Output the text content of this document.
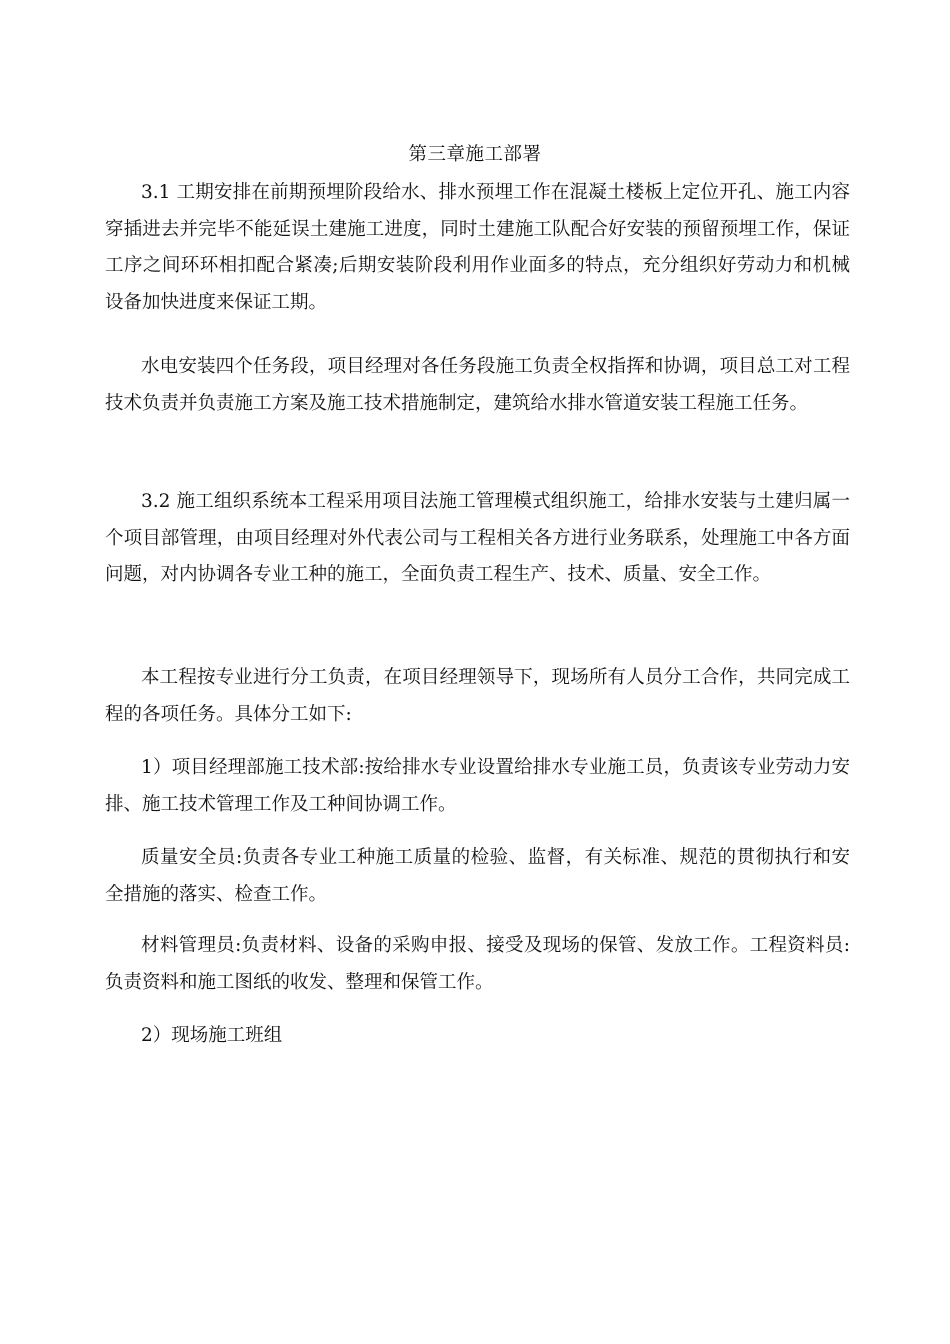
第三章施工部署

3.1 工期安排在前期预埋阶段给水、排水预埋工作在混凝土楼板上定位开孔、施工内容穿插进去并完毕不能延误土建施工进度，同时土建施工队配合好安装的预留预埋工作，保证工序之间环环相扣配合紧凑;后期安装阶段利用作业面多的特点，充分组织好劳动力和机械设备加快进度来保证工期。

水电安装四个任务段，项目经理对各任务段施工负责全权指挥和协调，项目总工对工程技术负责并负责施工方案及施工技术措施制定，建筑给水排水管道安装工程施工任务。

3.2 施工组织系统本工程采用项目法施工管理模式组织施工，给排水安装与土建归属一个项目部管理，由项目经理对外代表公司与工程相关各方进行业务联系，处理施工中各方面问题，对内协调各专业工种的施工，全面负责工程生产、技术、质量、安全工作。

本工程按专业进行分工负责，在项目经理领导下，现场所有人员分工合作，共同完成工程的各项任务。具体分工如下:

1）项目经理部施工技术部:按给排水专业设置给排水专业施工员，负责该专业劳动力安排、施工技术管理工作及工种间协调工作。

质量安全员:负责各专业工种施工质量的检验、监督，有关标准、规范的贯彻执行和安全措施的落实、检查工作。

材料管理员:负责材料、设备的采购申报、接受及现场的保管、发放工作。工程资料员:负责资料和施工图纸的收发、整理和保管工作。

2）现场施工班组
